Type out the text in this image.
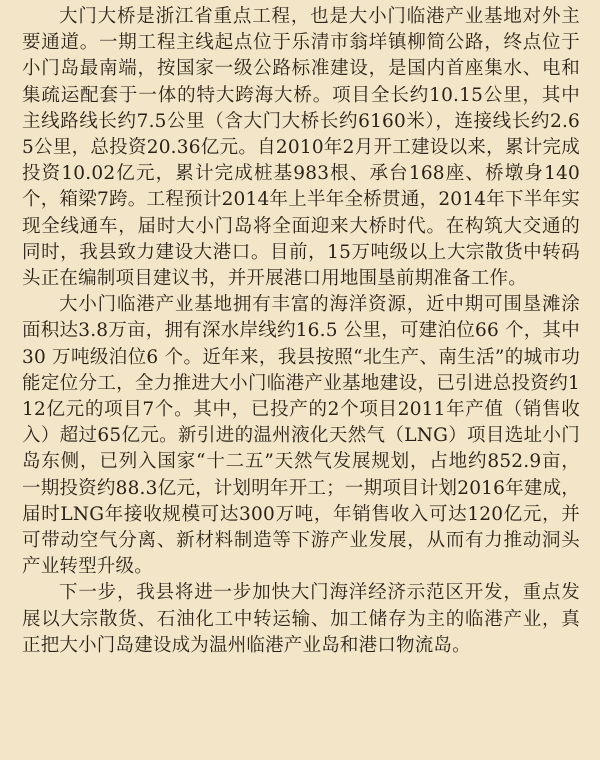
大门大桥是浙江省重点工程，也是大小门临港产业基地对外主要通道。一期工程主线起点位于乐清市翁垟镇柳简公路，终点位于小门岛最南端，按国家一级公路标准建设，是国内首座集水、电和集疏运配套于一体的特大跨海大桥。项目全长约10.15公里，其中主线路线长约7.5公里（含大门大桥长约6160米），连接线长约2.65公里，总投资20.36亿元。自2010年2月开工建设以来，累计完成投资10.02亿元，累计完成桩基983根、承台168座、桥墩身140个，箱梁7跨。工程预计2014年上半年全桥贯通，2014年下半年实现全线通车，届时大小门岛将全面迎来大桥时代。在构筑大交通的同时，我县致力建设大港口。目前，15万吨级以上大宗散货中转码头正在编制项目建议书，并开展港口用地围垦前期准备工作。

大小门临港产业基地拥有丰富的海洋资源，近中期可围垦滩涂面积达3.8万亩，拥有深水岸线约16.5 公里，可建泊位66 个，其中30 万吨级泊位6 个。近年来，我县按照“北生产、南生活”的城市功能定位分工，全力推进大小门临港产业基地建设，已引进总投资约112亿元的项目7个。其中，已投产的2个项目2011年产值（销售收入）超过65亿元。新引进的温州液化天然气（LNG）项目选址小门岛东侧，已列入国家“十二五”天然气发展规划，占地约852.9亩，一期投资约88.3亿元，计划明年开工；一期项目计划2016年建成，届时LNG年接收规模可达300万吨，年销售收入可达120亿元，并可带动空气分离、新材料制造等下游产业发展，从而有力推动洞头产业转型升级。

下一步，我县将进一步加快大门海洋经济示范区开发，重点发展以大宗散货、石油化工中转运输、加工储存为主的临港产业，真正把大小门岛建设成为温州临港产业岛和港口物流岛。
